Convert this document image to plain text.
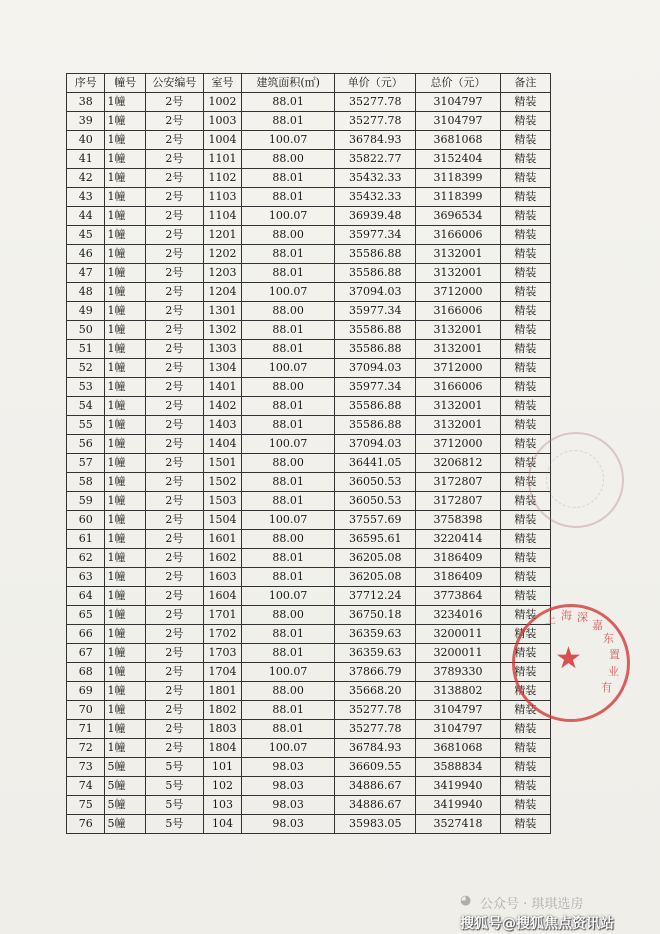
序号	幢号	公安编号	室号	建筑面积(㎡)	单价（元）	总价（元）	备注
38	1幢	2号	1002	88.01	35277.78	3104797	精装
39	1幢	2号	1003	88.01	35277.78	3104797	精装
40	1幢	2号	1004	100.07	36784.93	3681068	精装
41	1幢	2号	1101	88.00	35822.77	3152404	精装
42	1幢	2号	1102	88.01	35432.33	3118399	精装
43	1幢	2号	1103	88.01	35432.33	3118399	精装
44	1幢	2号	1104	100.07	36939.48	3696534	精装
45	1幢	2号	1201	88.00	35977.34	3166006	精装
46	1幢	2号	1202	88.01	35586.88	3132001	精装
47	1幢	2号	1203	88.01	35586.88	3132001	精装
48	1幢	2号	1204	100.07	37094.03	3712000	精装
49	1幢	2号	1301	88.00	35977.34	3166006	精装
50	1幢	2号	1302	88.01	35586.88	3132001	精装
51	1幢	2号	1303	88.01	35586.88	3132001	精装
52	1幢	2号	1304	100.07	37094.03	3712000	精装
53	1幢	2号	1401	88.00	35977.34	3166006	精装
54	1幢	2号	1402	88.01	35586.88	3132001	精装
55	1幢	2号	1403	88.01	35586.88	3132001	精装
56	1幢	2号	1404	100.07	37094.03	3712000	精装
57	1幢	2号	1501	88.00	36441.05	3206812	精装
58	1幢	2号	1502	88.01	36050.53	3172807	精装
59	1幢	2号	1503	88.01	36050.53	3172807	精装
60	1幢	2号	1504	100.07	37557.69	3758398	精装
61	1幢	2号	1601	88.00	36595.61	3220414	精装
62	1幢	2号	1602	88.01	36205.08	3186409	精装
63	1幢	2号	1603	88.01	36205.08	3186409	精装
64	1幢	2号	1604	100.07	37712.24	3773864	精装
65	1幢	2号	1701	88.00	36750.18	3234016	精装
66	1幢	2号	1702	88.01	36359.63	3200011	精装
67	1幢	2号	1703	88.01	36359.63	3200011	精装
68	1幢	2号	1704	100.07	37866.79	3789330	精装
69	1幢	2号	1801	88.00	35668.20	3138802	精装
70	1幢	2号	1802	88.01	35277.78	3104797	精装
71	1幢	2号	1803	88.01	35277.78	3104797	精装
72	1幢	2号	1804	100.07	36784.93	3681068	精装
73	5幢	5号	101	98.03	36609.55	3588834	精装
74	5幢	5号	102	98.03	34886.67	3419940	精装
75	5幢	5号	103	98.03	34886.67	3419940	精装
76	5幢	5号	104	98.03	35983.05	3527418	精装
上 海 深
嘉
东
置
业
有
★
◕ 公众号 · 琪琪选房
搜狐号@搜狐焦点资讯站
